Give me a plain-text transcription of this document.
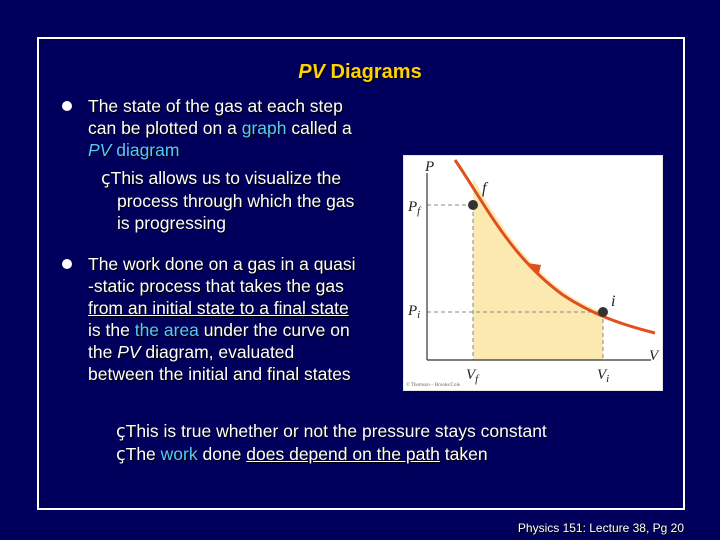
PV Diagrams
The state of the gas at each step
can be plotted on a graph called a
PV diagram
çThis allows us to visualize the
process through which the gas
is progressing
The work done on a gas in a quasi
-static process that takes the gas
from an initial state to a final state
is the the area under the curve on
the PV diagram, evaluated
between the initial and final states
çThis is true whether or not the pressure stays constant
çThe work done does depend on the path taken
P
V
$P_f$
$P_i$
$V_f$	$V_i$
f
i
© Thomson – Brooks/Cole
Physics 151: Lecture 38, Pg 20
